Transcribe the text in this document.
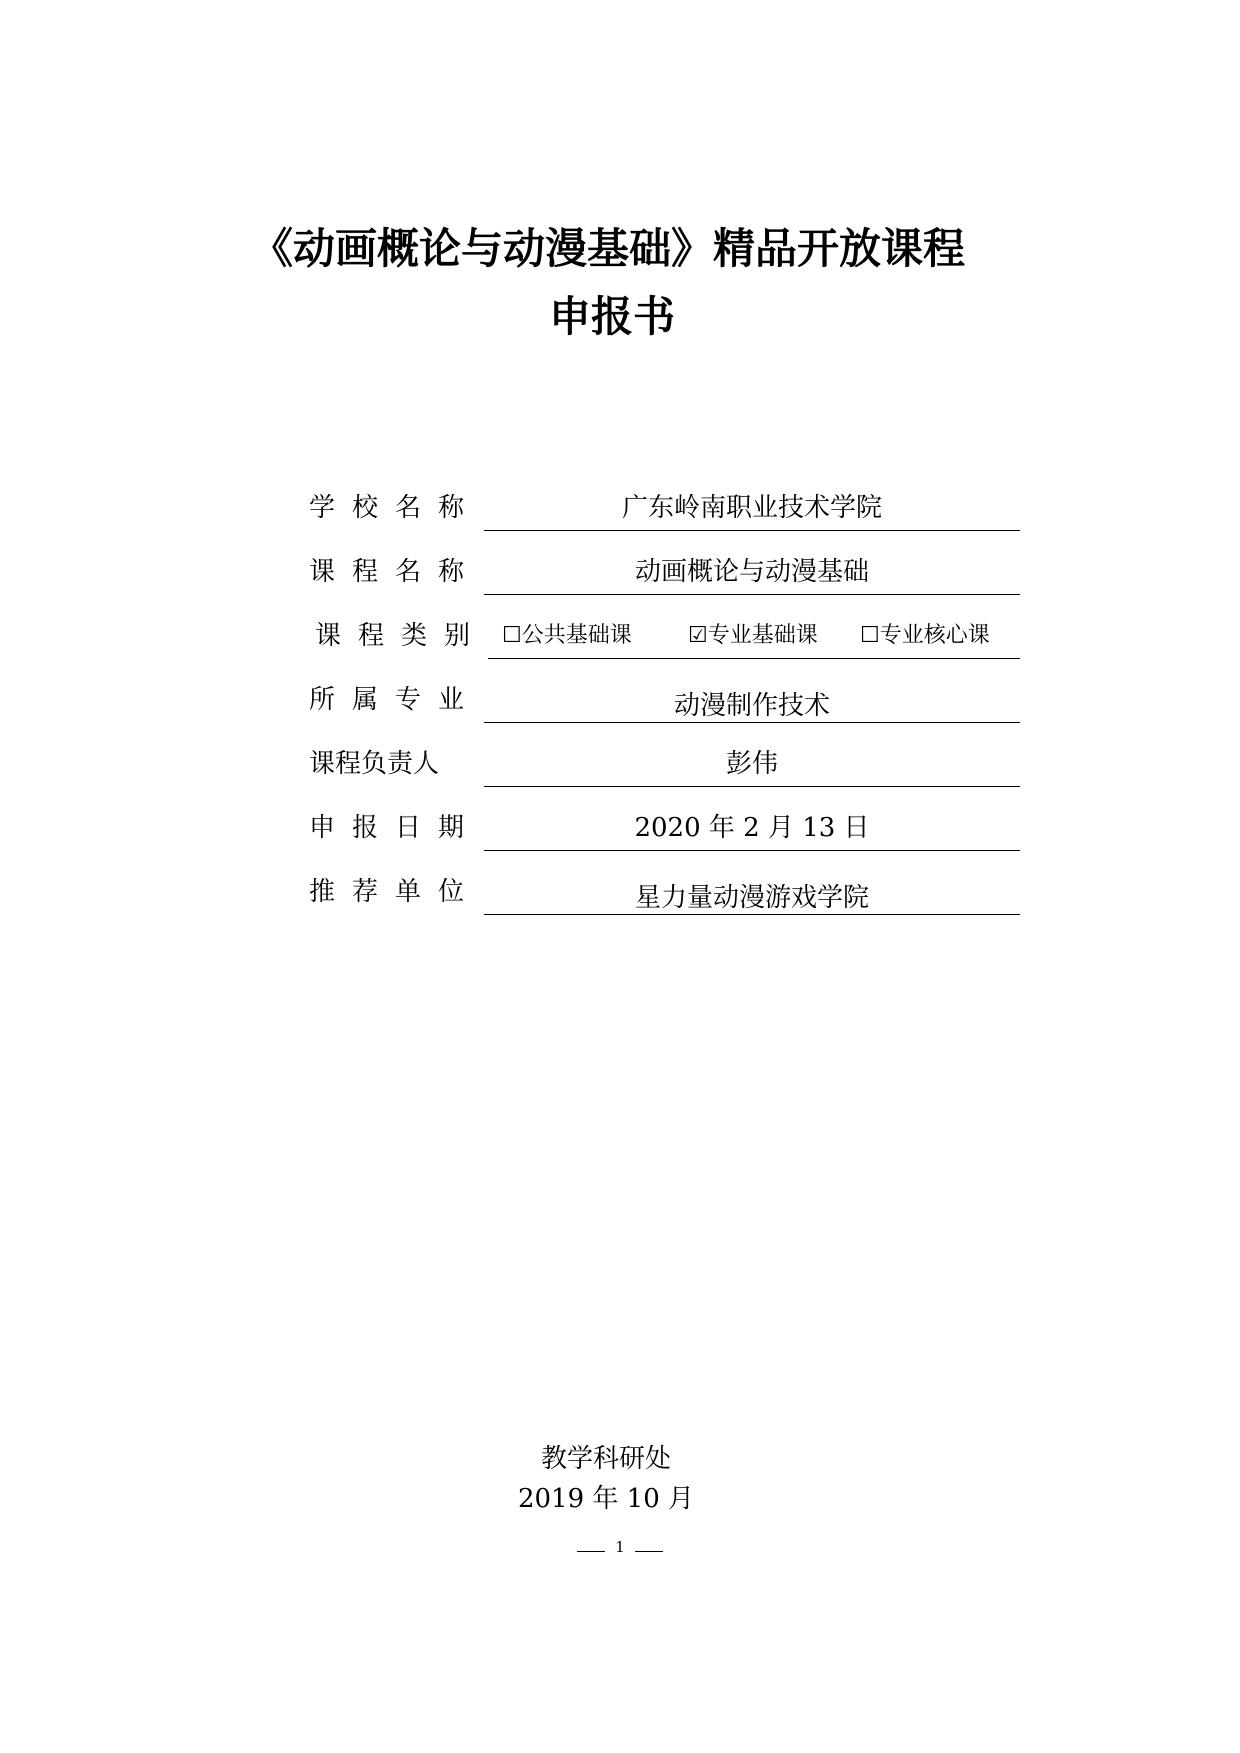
《动画概论与动漫基础》精品开放课程
申报书
学校名称	广东岭南职业技术学院
课程名称	动画概论与动漫基础
课程类别 ☐公共基础课	☑专业基础课 ☐专业核心课
所属专业	动漫制作技术
课程负责人	彭伟
申报日期	2020 年 2 月 13 日
推荐单位	星力量动漫游戏学院
教学科研处
2019 年 10 月
1
